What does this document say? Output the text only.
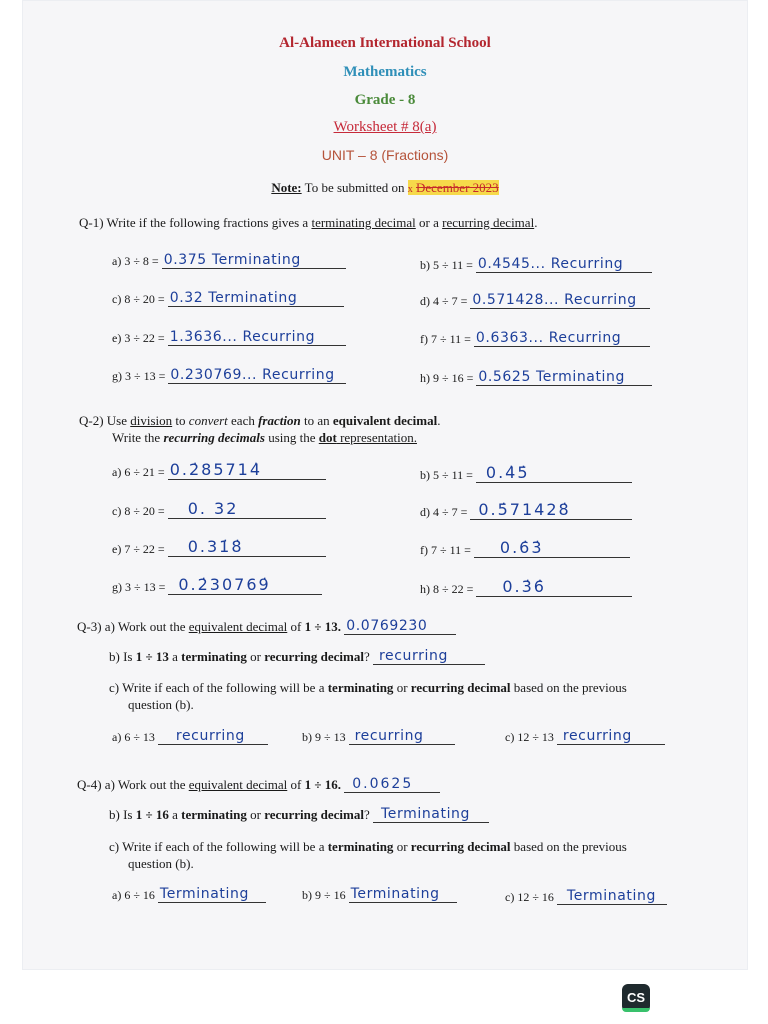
Al-Alameen International School
Mathematics
Grade - 8
Worksheet # 8(a)
UNIT – 8 (Fractions)
Note: To be submitted on x December 2023
Q-1) Write if the following fractions gives a terminating decimal or a recurring decimal.
a) 3 ÷ 8 = 0.375 Terminating	b) 5 ÷ 11 = 0.4545... Recurring
c) 8 ÷ 20 = 0.32 Terminating	d) 4 ÷ 7 = 0.571428... Recurring
e) 3 ÷ 22 = 1.3636... Recurring	f) 7 ÷ 11 = 0.6363... Recurring
g) 3 ÷ 13 = 0.230769... Recurring	h) 9 ÷ 16 = 0.5625 Terminating
Q-2) Use division to convert each fraction to an equivalent decimal.
Write the recurring decimals using the dot representation.
a) 6 ÷ 21 = 0.2̇85714̇	b) 5 ÷ 11 = 0.4̇5̇
c) 8 ÷ 20 = 0. 32	d) 4 ÷ 7 = 0.5̇71428̇
e) 7 ÷ 22 = 0.31̇8̇	f) 7 ÷ 11 = 0.6̇3̇
g) 3 ÷ 13 = 0.2̇30769̇	h) 8 ÷ 22 = 0.3̇6̇
Q-3) a) Work out the equivalent decimal of 1 ÷ 13. 0.0̇76923̇0
b) Is 1 ÷ 13 a terminating or recurring decimal? recurring
c) Write if each of the following will be a terminating or recurring decimal based on the previous
question (b).
a) 6 ÷ 13 recurring	b) 9 ÷ 13 recurring	c) 12 ÷ 13 recurring
Q-4) a) Work out the equivalent decimal of 1 ÷ 16. 0.0625
b) Is 1 ÷ 16 a terminating or recurring decimal? Terminating
c) Write if each of the following will be a terminating or recurring decimal based on the previous
question (b).
a) 6 ÷ 16 Terminating	b) 9 ÷ 16 Terminating	c) 12 ÷ 16 Terminating
CS
